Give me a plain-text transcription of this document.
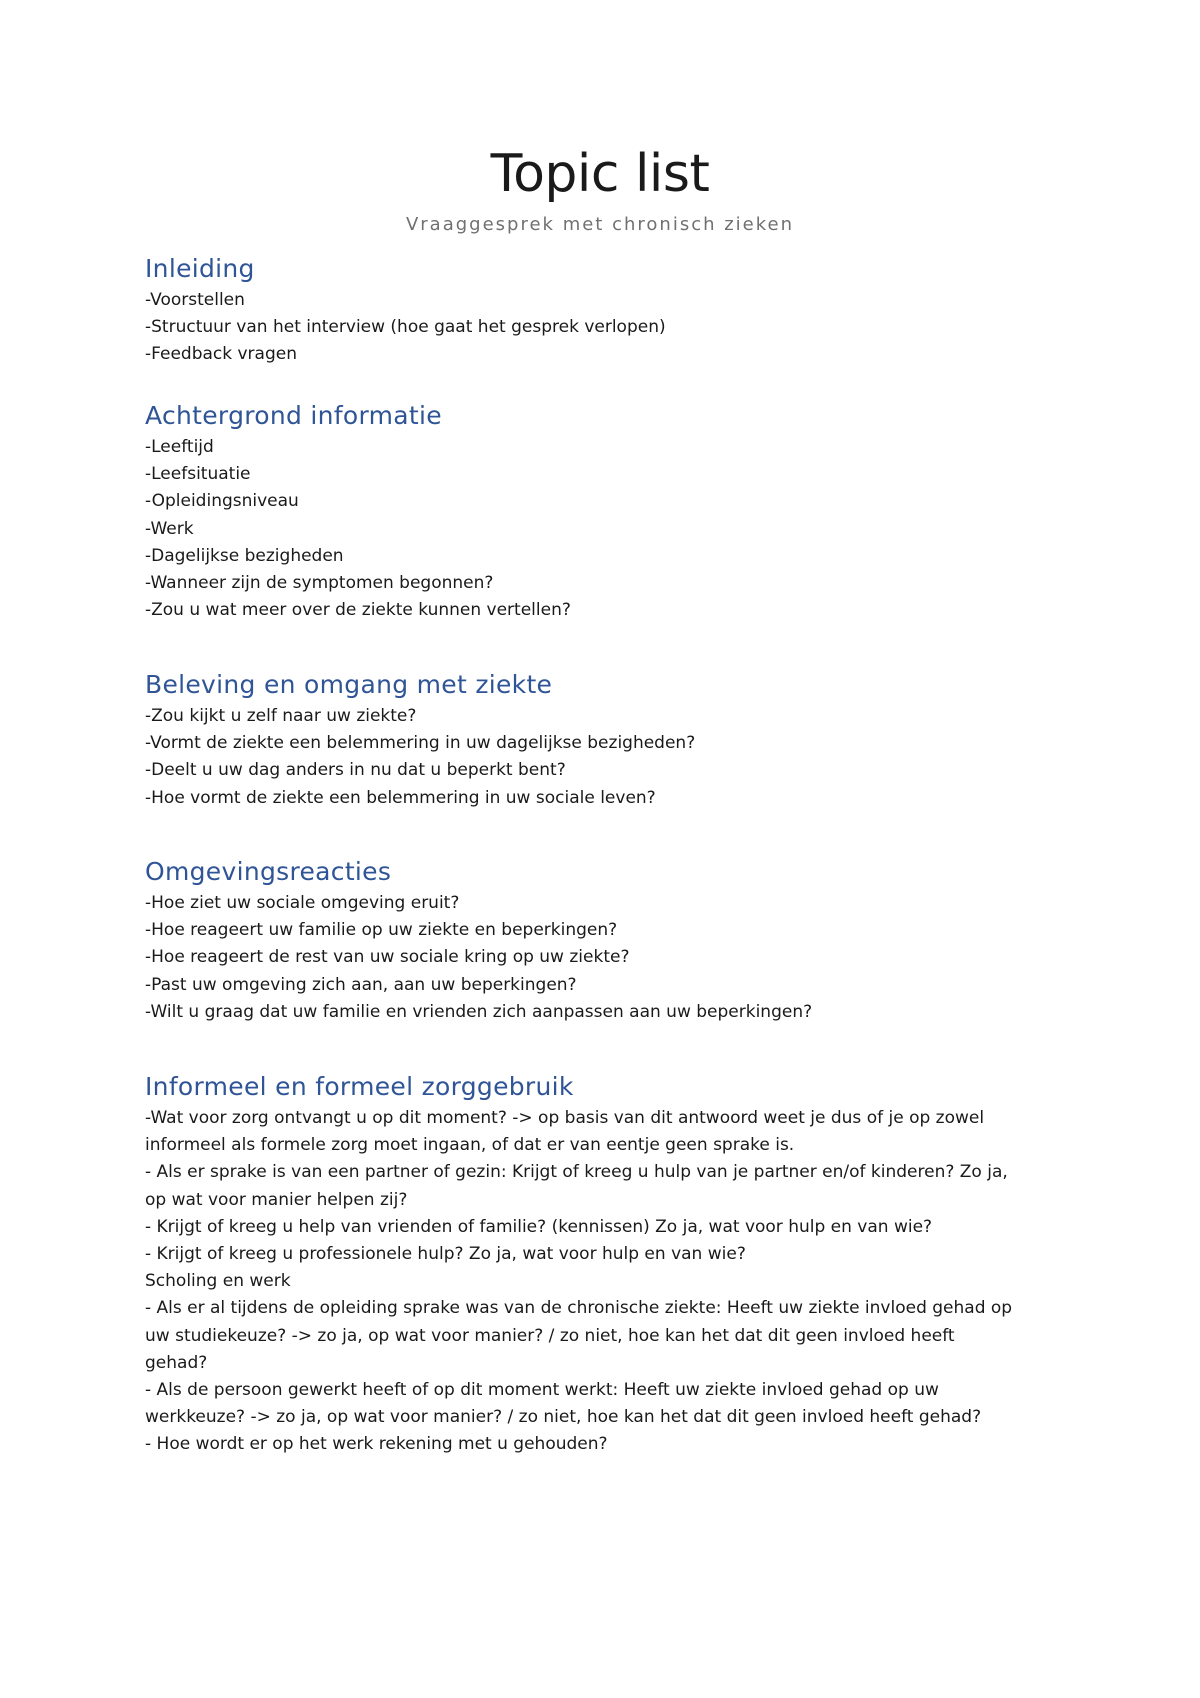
Topic list
Vraaggesprek met chronisch zieken
Inleiding
-Voorstellen
-Structuur van het interview (hoe gaat het gesprek verlopen)
-Feedback vragen
Achtergrond informatie
-Leeftijd
-Leefsituatie
-Opleidingsniveau
-Werk
-Dagelijkse bezigheden
-Wanneer zijn de symptomen begonnen?
-Zou u wat meer over de ziekte kunnen vertellen?
Beleving en omgang met ziekte
-Zou kijkt u zelf naar uw ziekte?
-Vormt de ziekte een belemmering in uw dagelijkse bezigheden?
-Deelt u uw dag anders in nu dat u beperkt bent?
-Hoe vormt de ziekte een belemmering in uw sociale leven?
Omgevingsreacties
-Hoe ziet uw sociale omgeving eruit?
-Hoe reageert uw familie op uw ziekte en beperkingen?
-Hoe reageert de rest van uw sociale kring op uw ziekte?
-Past uw omgeving zich aan, aan uw beperkingen?
-Wilt u graag dat uw familie en vrienden zich aanpassen aan uw beperkingen?
Informeel en formeel zorggebruik
-Wat voor zorg ontvangt u op dit moment? -> op basis van dit antwoord weet je dus of je op zowel
informeel als formele zorg moet ingaan, of dat er van eentje geen sprake is.
- Als er sprake is van een partner of gezin: Krijgt of kreeg u hulp van je partner en/of kinderen? Zo ja,
op wat voor manier helpen zij?
- Krijgt of kreeg u help van vrienden of familie? (kennissen) Zo ja, wat voor hulp en van wie?
- Krijgt of kreeg u professionele hulp? Zo ja, wat voor hulp en van wie?
Scholing en werk
- Als er al tijdens de opleiding sprake was van de chronische ziekte: Heeft uw ziekte invloed gehad op
uw studiekeuze? -> zo ja, op wat voor manier? / zo niet, hoe kan het dat dit geen invloed heeft
gehad?
- Als de persoon gewerkt heeft of op dit moment werkt: Heeft uw ziekte invloed gehad op uw
werkkeuze? -> zo ja, op wat voor manier? / zo niet, hoe kan het dat dit geen invloed heeft gehad?
- Hoe wordt er op het werk rekening met u gehouden?
